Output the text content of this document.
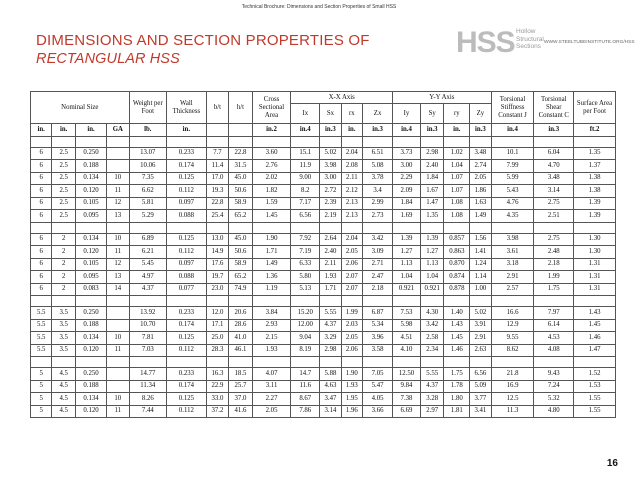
Technical Brochure: Dimensions and Section Properties of Small HSS
DIMENSIONS AND SECTION PROPERTIES OF
RECTANGULAR HSS	HSS Hollow
Structural
Sections
WWW.STEELTUBEINSTITUTE.ORG/HSS
Nominal Size				Weight per Foot	Wall Thickness	b/t	h/t	Cross Sectional Area	X-X Axis				Y-Y Axis				Torsional Stiffness Constant J	Torsional Shear Constant C	Surface Area per Foot
									Ix	Sx	rx	Zx	Iy	Sy	ry	Zy			
in.	in.	in.	GA	lb.	in.			in.2	in.4	in.3	in.	in.3	in.4	in.3	in.	in.3	in.4	in.3	ft.2

6	2.5	0.250		13.07	0.233	7.7	22.8	3.60	15.1	5.02	2.04	6.51	3.73	2.98	1.02	3.48	10.1	6.04	1.35
6	2.5	0.188		10.06	0.174	11.4	31.5	2.76	11.9	3.98	2.08	5.08	3.00	2.40	1.04	2.74	7.99	4.70	1.37
6	2.5	0.134	10	7.35	0.125	17.0	45.0	2.02	9.00	3.00	2.11	3.78	2.29	1.84	1.07	2.05	5.99	3.48	1.38
6	2.5	0.120	11	6.62	0.112	19.3	50.6	1.82	8.2	2.72	2.12	3.4	2.09	1.67	1.07	1.86	5.43	3.14	1.38
6	2.5	0.105	12	5.81	0.097	22.8	58.9	1.59	7.17	2.39	2.13	2.99	1.84	1.47	1.08	1.63	4.76	2.75	1.39
6	2.5	0.095	13	5.29	0.088	25.4	65.2	1.45	6.56	2.19	2.13	2.73	1.69	1.35	1.08	1.49	4.35	2.51	1.39

6	2	0.134	10	6.89	0.125	13.0	45.0	1.90	7.92	2.64	2.04	3.42	1.39	1.39	0.857	1.56	3.98	2.75	1.30
6	2	0.120	11	6.21	0.112	14.9	50.6	1.71	7.19	2.40	2.05	3.09	1.27	1.27	0.863	1.41	3.61	2.48	1.30
6	2	0.105	12	5.45	0.097	17.6	58.9	1.49	6.33	2.11	2.06	2.71	1.13	1.13	0.870	1.24	3.18	2.18	1.31
6	2	0.095	13	4.97	0.088	19.7	65.2	1.36	5.80	1.93	2.07	2.47	1.04	1.04	0.874	1.14	2.91	1.99	1.31
6	2	0.083	14	4.37	0.077	23.0	74.9	1.19	5.13	1.71	2.07	2.18	0.921	0.921	0.878	1.00	2.57	1.75	1.31

5.5	3.5	0.250		13.92	0.233	12.0	20.6	3.84	15.20	5.55	1.99	6.87	7.53	4.30	1.40	5.02	16.6	7.97	1.43
5.5	3.5	0.188		10.70	0.174	17.1	28.6	2.93	12.00	4.37	2.03	5.34	5.98	3.42	1.43	3.91	12.9	6.14	1.45
5.5	3.5	0.134	10	7.81	0.125	25.0	41.0	2.15	9.04	3.29	2.05	3.96	4.51	2.58	1.45	2.91	9.55	4.53	1.46
5.5	3.5	0.120	11	7.03	0.112	28.3	46.1	1.93	8.19	2.98	2.06	3.58	4.10	2.34	1.46	2.63	8.62	4.08	1.47

5	4.5	0.250		14.77	0.233	16.3	18.5	4.07	14.7	5.88	1.90	7.05	12.50	5.55	1.75	6.56	21.8	9.43	1.52
5	4.5	0.188		11.34	0.174	22.9	25.7	3.11	11.6	4.63	1.93	5.47	9.84	4.37	1.78	5.09	16.9	7.24	1.53
5	4.5	0.134	10	8.26	0.125	33.0	37.0	2.27	8.67	3.47	1.95	4.05	7.38	3.28	1.80	3.77	12.5	5.32	1.55
5	4.5	0.120	11	7.44	0.112	37.2	41.6	2.05	7.86	3.14	1.96	3.66	6.69	2.97	1.81	3.41	11.3	4.80	1.55
16
